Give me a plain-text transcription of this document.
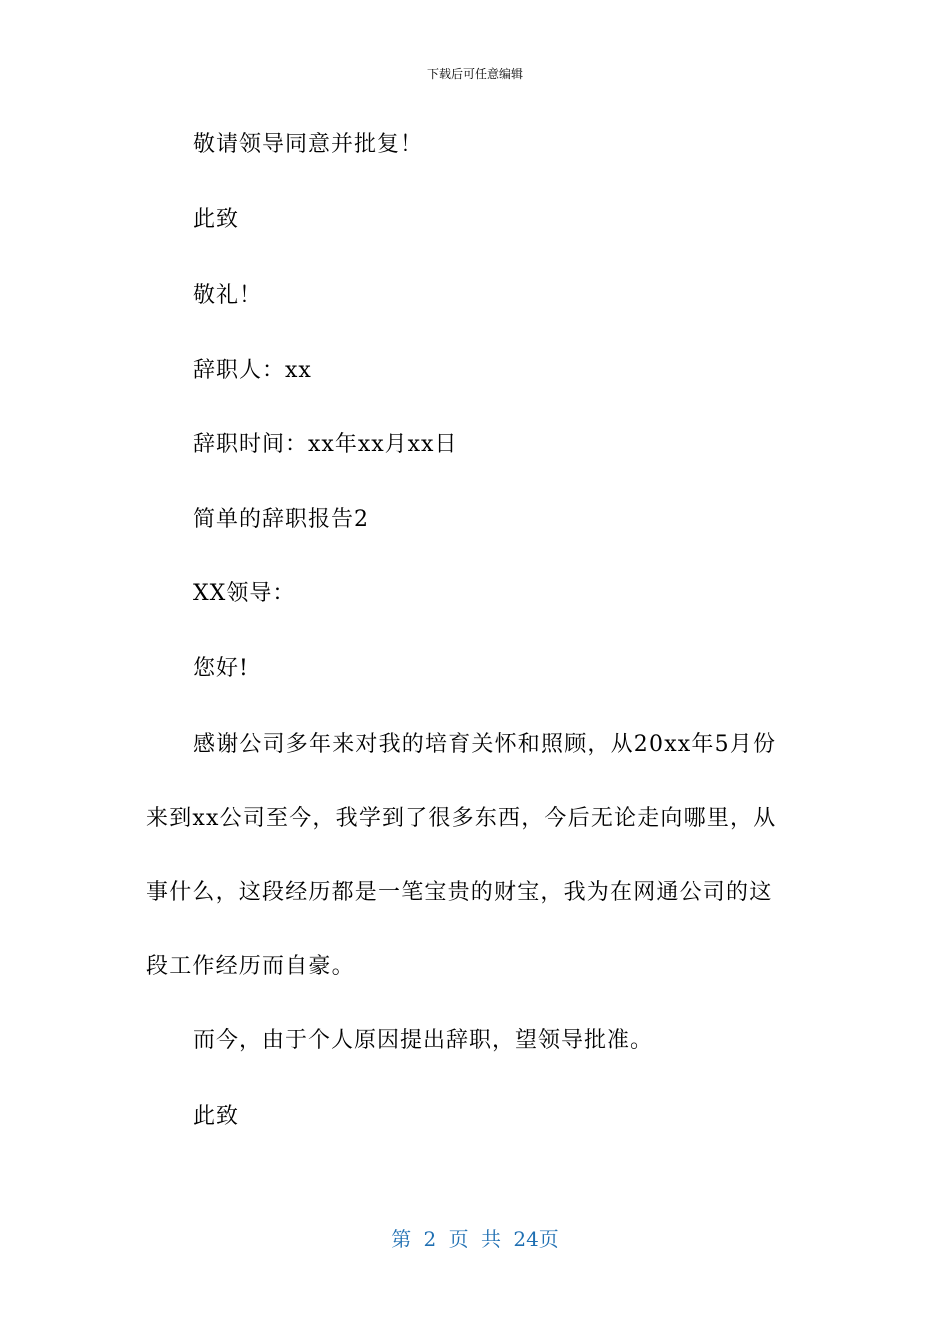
下载后可任意编辑
敬请领导同意并批复！
此致
敬礼！
辞职人：xx
辞职时间：xx年xx月xx日
简单的辞职报告2
XX领导：
您好!
感谢公司多年来对我的培育关怀和照顾，从20xx年5月份
来到xx公司至今，我学到了很多东西，今后无论走向哪里，从
事什么，这段经历都是一笔宝贵的财宝，我为在网通公司的这
段工作经历而自豪。
而今，由于个人原因提出辞职，望领导批准。
此致
第 2 页 共 24页
